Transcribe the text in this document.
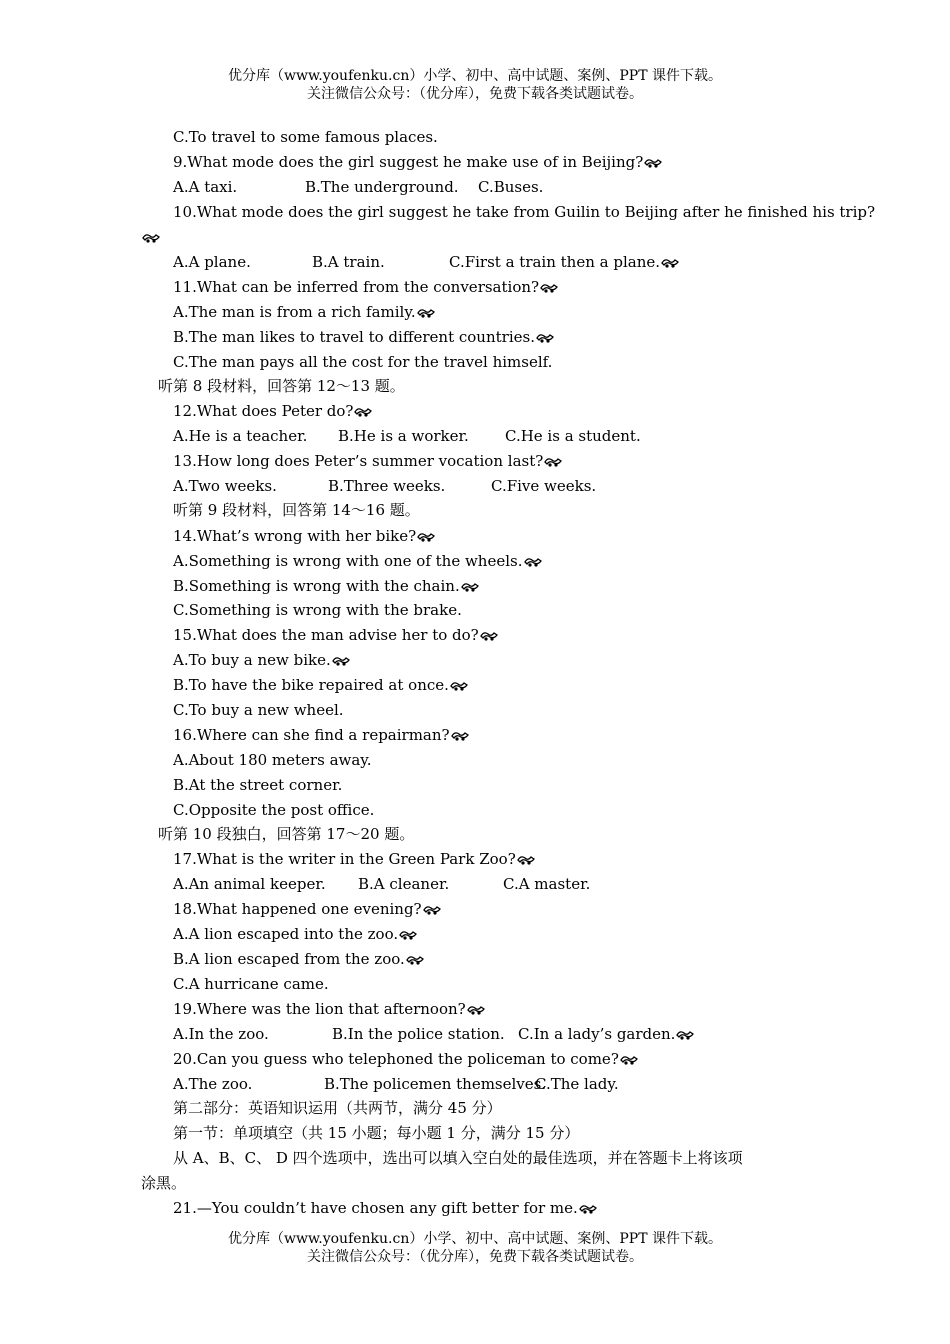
优分库（www.youfenku.cn）小学、初中、高中试题、案例、PPT 课件下载。
关注微信公众号：（优分库），免费下载各类试题试卷。
C.To travel to some famous places.
9.What mode does the girl suggest he make use of in Beijing?
A.A taxi.	B.The underground. C.Buses.
10.What mode does the girl suggest he take from Guilin to Beijing after he finished his trip?
A.A plane.	B.A train.	C.First a train then a plane.
11.What can be inferred from the conversation?
A.The man is from a rich family.
B.The man likes to travel to different countries.
C.The man pays all the cost for the travel himself.
听第 8 段材料，回答第 12～13 题。
12.What does Peter do?
A.He is a teacher. B.He is a worker. C.He is a student.
13.How long does Peter’s summer vocation last?
A.Two weeks.	B.Three weeks.	C.Five weeks.
听第 9 段材料，回答第 14～16 题。
14.What’s wrong with her bike?
A.Something is wrong with one of the wheels.
B.Something is wrong with the chain.
C.Something is wrong with the brake.
15.What does the man advise her to do?
A.To buy a new bike.
B.To have the bike repaired at once.
C.To buy a new wheel.
16.Where can she find a repairman?
A.About 180 meters away.
B.At the street corner.
C.Opposite the post office.
听第 10 段独白，回答第 17～20 题。
17.What is the writer in the Green Park Zoo?
A.An animal keeper. B.A cleaner.	C.A master.
18.What happened one evening?
A.A lion escaped into the zoo.
B.A lion escaped from the zoo.
C.A hurricane came.
19.Where was the lion that afternoon?
A.In the zoo.	B.In the police station. C.In a lady’s garden.
20.Can you guess who telephoned the policeman to come?
A.The zoo.	B.The policemen themselves.C.The lady.
第二部分：英语知识运用（共两节，满分 45 分）
第一节：单项填空（共 15 小题；每小题 1 分，满分 15 分）
从 A、B、C、 D 四个选项中，选出可以填入空白处的最佳选项，并在答题卡上将该项
涂黑。
21.—You couldn’t have chosen any gift better for me.
优分库（www.youfenku.cn）小学、初中、高中试题、案例、PPT 课件下载。
关注微信公众号：（优分库），免费下载各类试题试卷。
